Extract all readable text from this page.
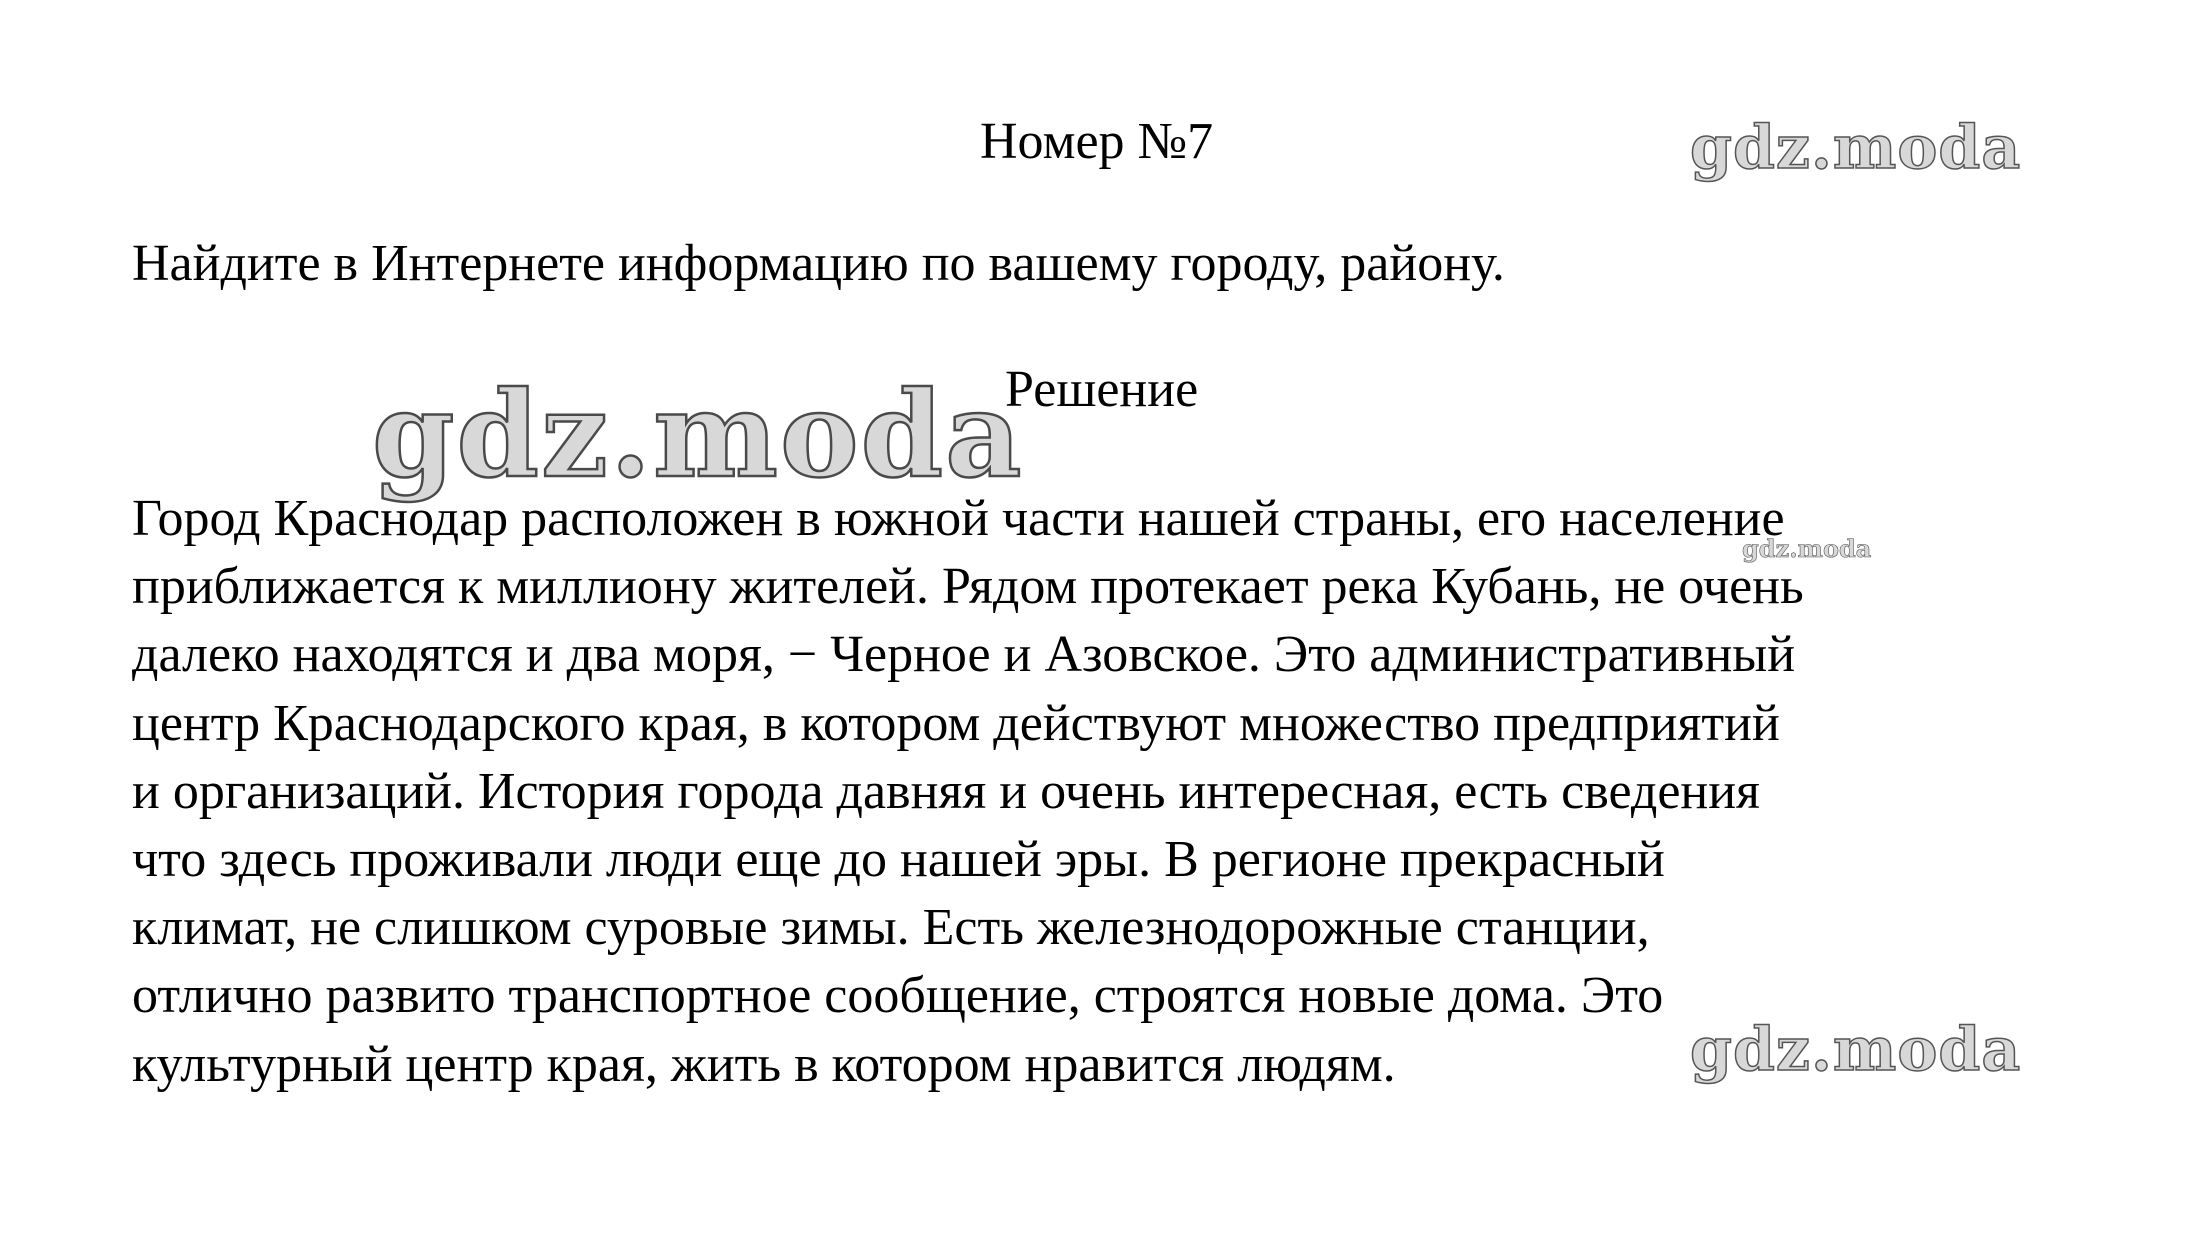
Номер №7
Найдите в Интернете информацию по вашему городу, району.
Решение
Город Краснодар расположен в южной части нашей страны, его население
приближается к миллиону жителей. Рядом протекает река Кубань, не очень
далеко находятся и два моря, − Черное и Азовское. Это административный
центр Краснодарского края, в котором действуют множество предприятий
и организаций. История города давняя и очень интересная, есть сведения
что здесь проживали люди еще до нашей эры. В регионе прекрасный
климат, не слишком суровые зимы. Есть железнодорожные станции,
отлично развито транспортное сообщение, строятся новые дома. Это
культурный центр края, жить в котором нравится людям.
gdz.moda
gdz.moda
gdz.moda
gdz.moda
